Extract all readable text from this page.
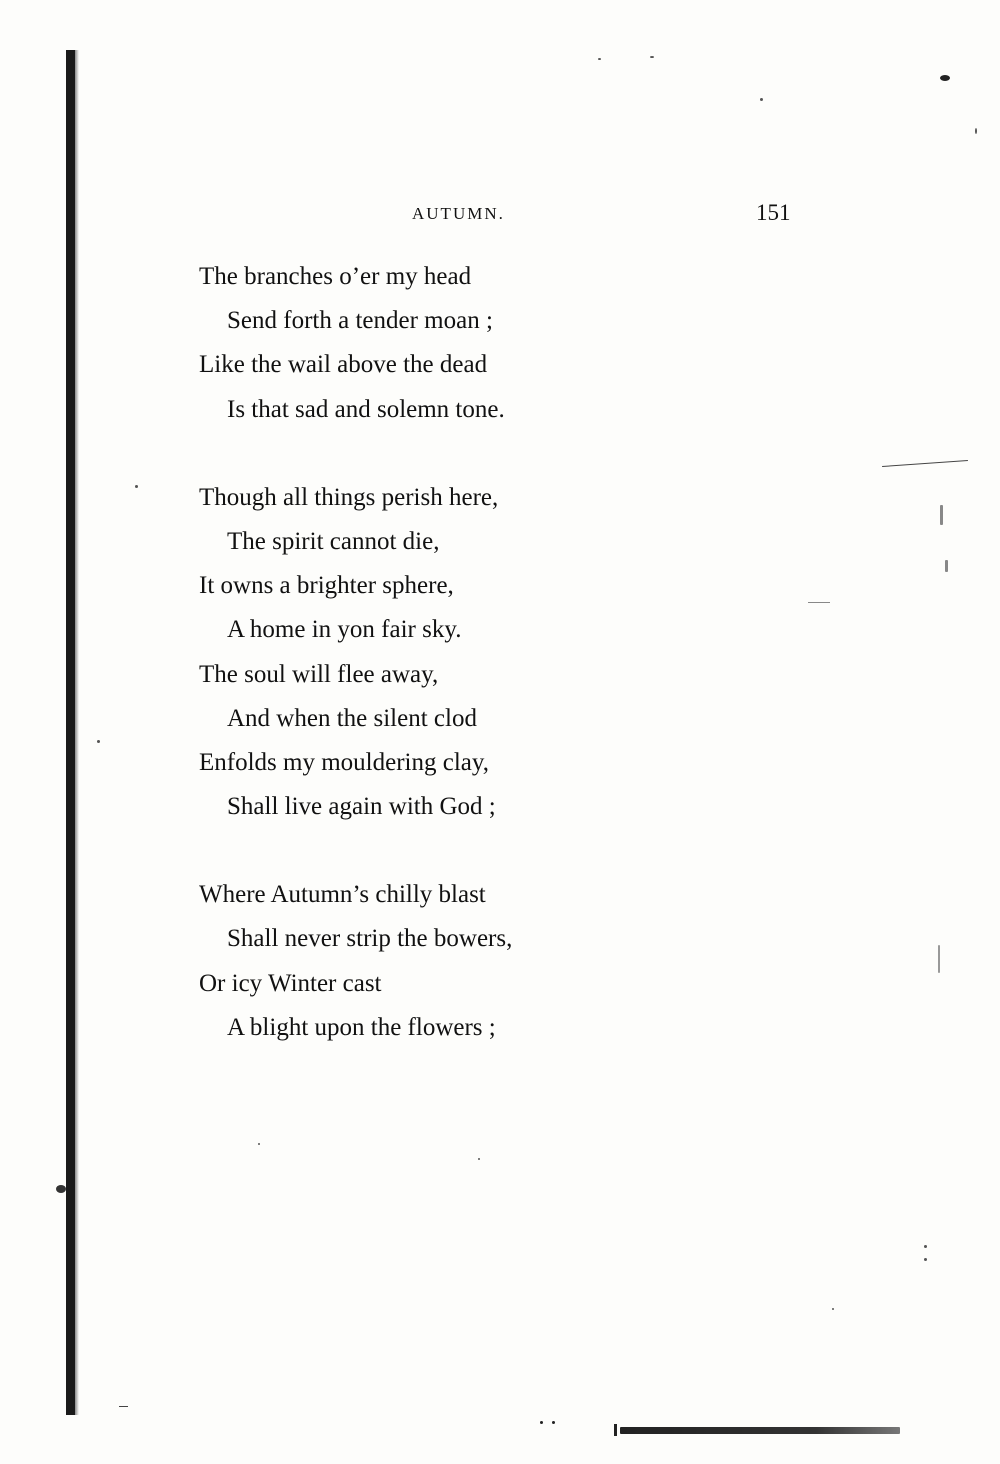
AUTUMN.	151
The branches o’er my head
Send forth a tender moan ;
Like the wail above the dead
Is that sad and solemn tone.
Though all things perish here,
The spirit cannot die,
It owns a brighter sphere,
A home in yon fair sky.
The soul will flee away,
And when the silent clod
Enfolds my mouldering clay,
Shall live again with God ;
Where Autumn’s chilly blast
Shall never strip the bowers,
Or icy Winter cast
A blight upon the flowers ;
